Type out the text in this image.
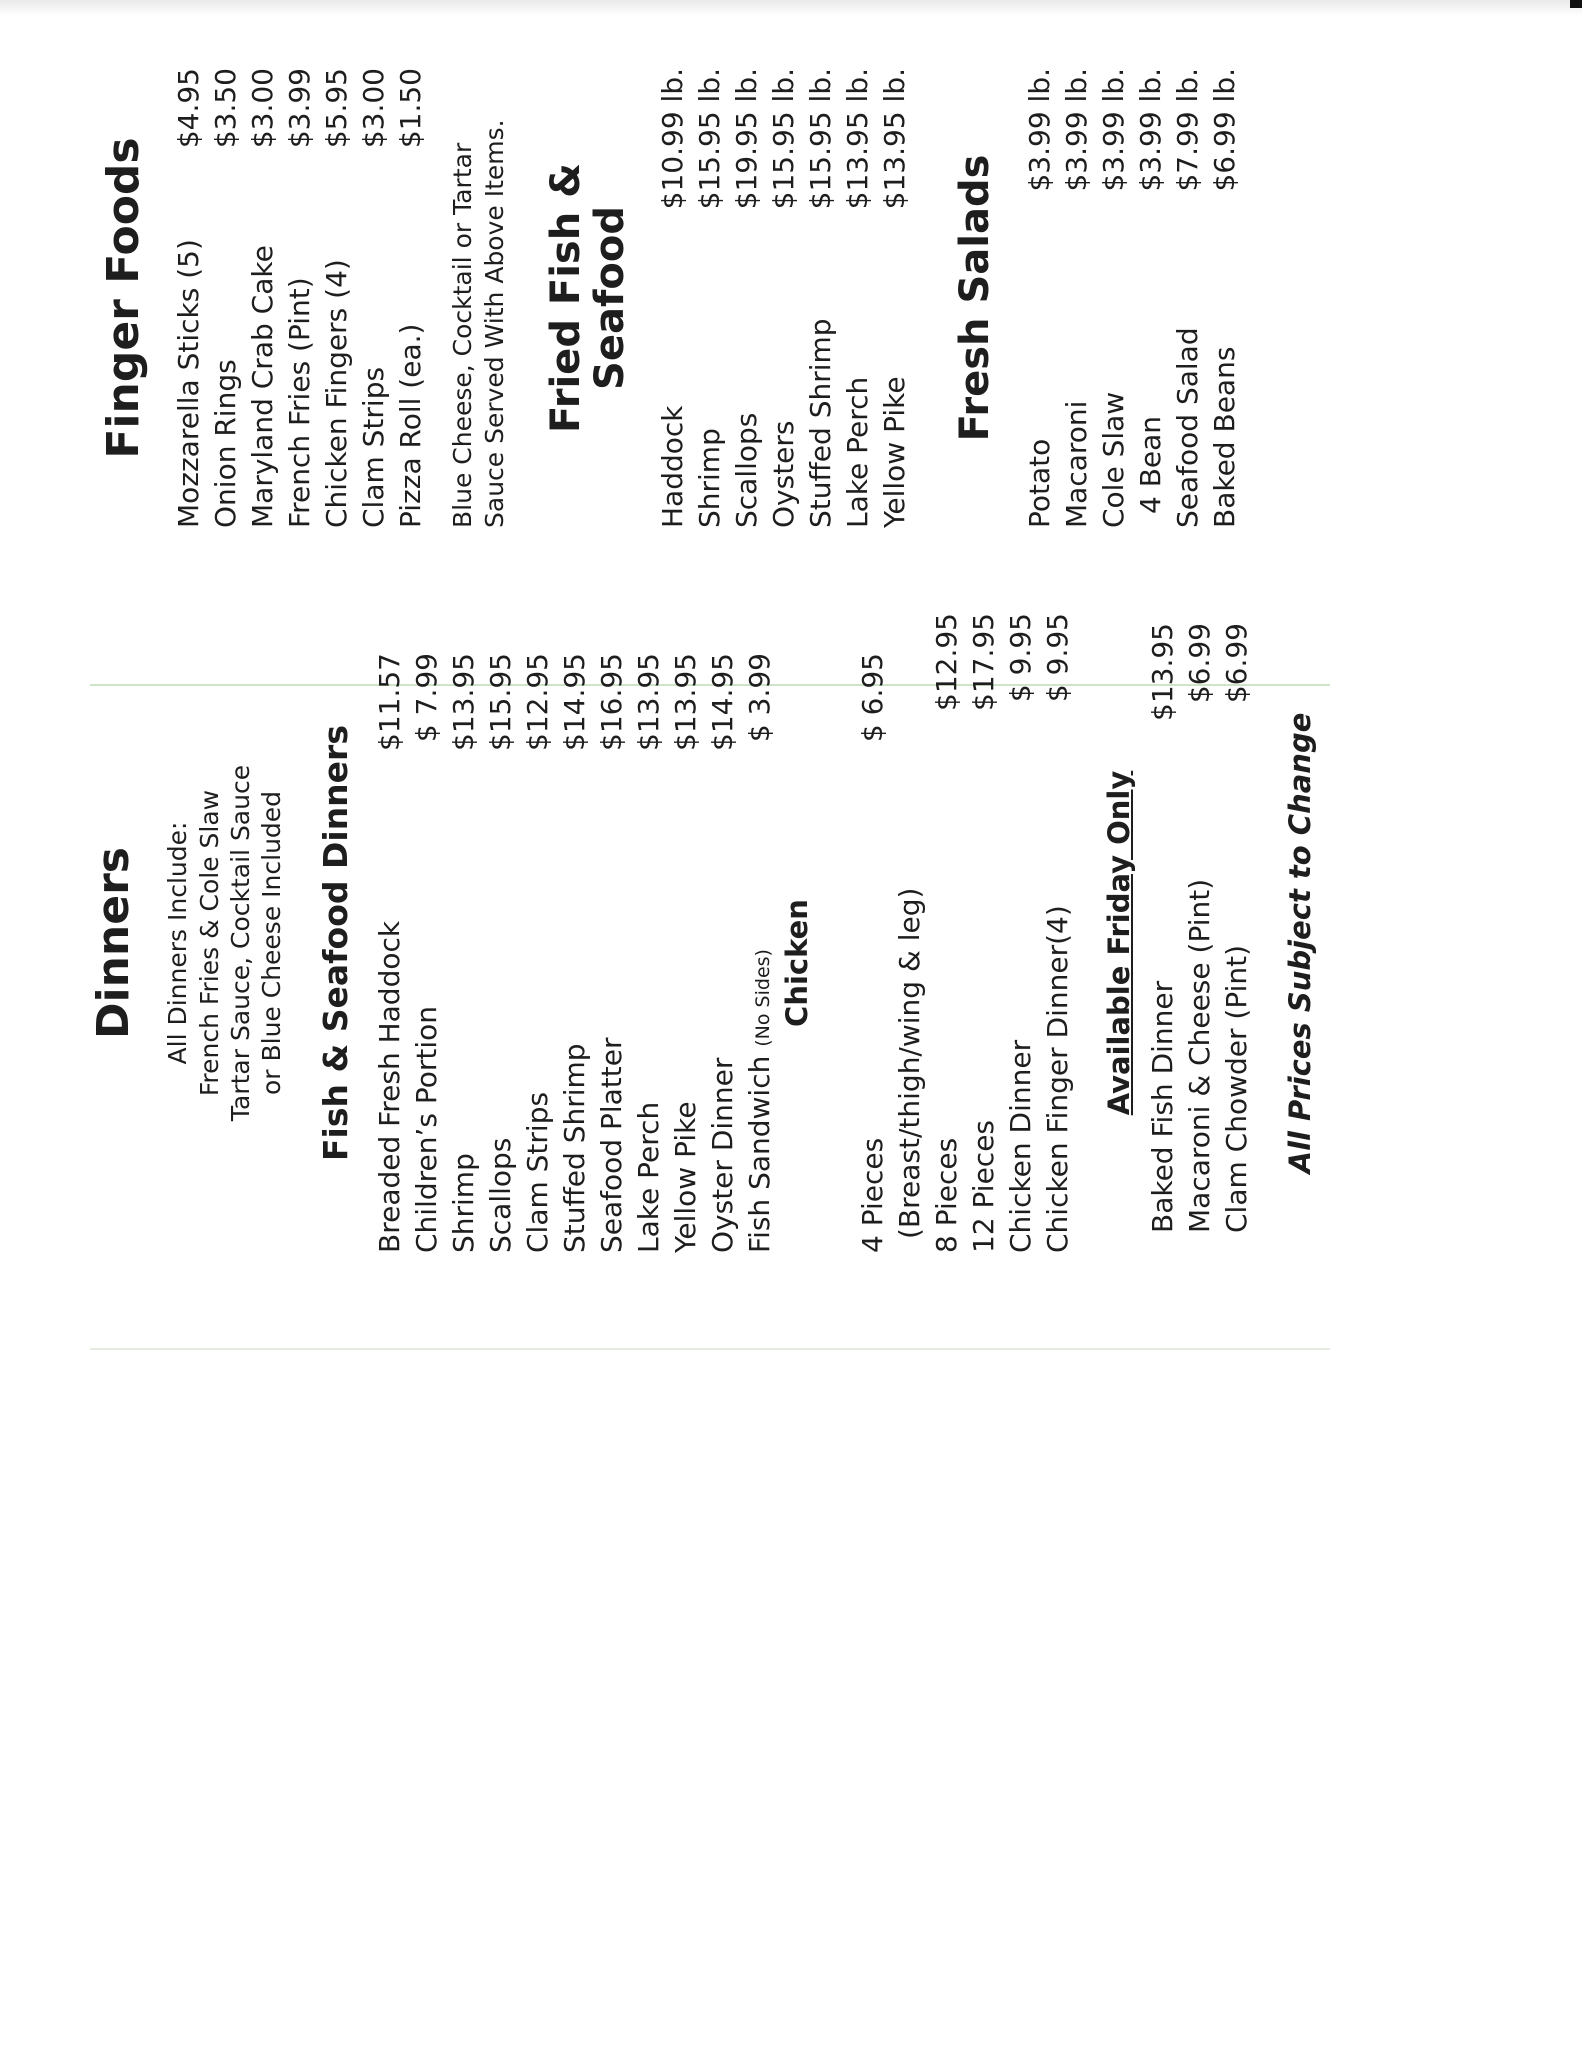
Finger Foods Mozzarella Sticks (5)
$4.95
Onion Rings
$3.50
Maryland Crab Cake
$3.00
French Fries (Pint)
$3.99
Chicken Fingers (4)
$5.95
Clam Strips
$3.00
Pizza Roll (ea.)
$1.50
Blue Cheese, Cocktail or Tartar Sauce Served With Above Items. Fried Fish &
Seafood
Haddock
$10.99 lb.
Shrimp
$15.95 lb.
Scallops
$19.95 lb.
Oysters
$15.95 lb.
Stuffed Shrimp
$15.95 lb.
Lake Perch
$13.95 lb.
Yellow Pike
$13.95 lb.
Fresh Salads
Potato
$3.99 lb.
Macaroni
$3.99 lb.
Cole Slaw
$3.99 lb.
4 Bean
$3.99 lb.
Seafood Salad
$7.99 lb.
Baked Beans
$6.99 lb.
Dinners All Dinners Include: French Fries & Cole Slaw Tartar Sauce, Cocktail Sauce or Blue Cheese Included Fish & Seafood Dinners Breaded Fresh Haddock
$11.57
Children’s Portion
$ 7.99
Shrimp
$13.95
Scallops
$15.95
Clam Strips
$12.95
Stuffed Shrimp
$14.95
Seafood Platter
$16.95
Lake Perch
$13.95
Yellow Pike
$13.95
Oyster Dinner
$14.95
Fish Sandwich (No Sides)
$ 3.99
Chicken
4 Pieces
$ 6.95
(Breast/thigh/wing & leg) 8 Pieces
$12.95
12 Pieces
$17.95
Chicken Dinner
$ 9.95
Chicken Finger Dinner(4)
$ 9.95
Available Friday Only Baked Fish Dinner
$13.95
Macaroni & Cheese (Pint)
$6.99
Clam Chowder (Pint)
$6.99
All Prices Subject to Change
